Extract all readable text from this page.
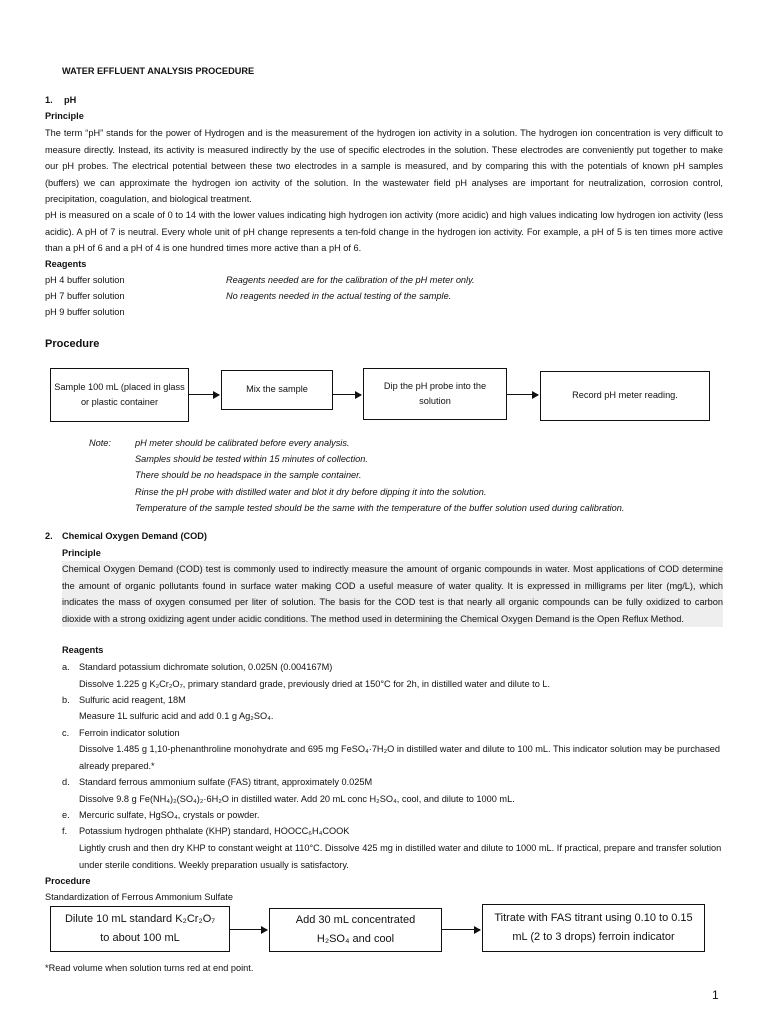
WATER EFFLUENT ANALYSIS PROCEDURE
1. pH
Principle
The term “pH” stands for the power of Hydrogen and is the measurement of the hydrogen ion activity in a solution. The hydrogen ion concentration is very difficult to measure directly. Instead, its activity is measured indirectly by the use of specific electrodes in the solution. These electrodes are conveniently put together to make our pH probes. The electrical potential between these two electrodes in a sample is measured, and by comparing this with the potentials of known pH samples (buffers) we can approximate the hydrogen ion activity of the solution. In the wastewater field pH analyses are important for neutralization, corrosion control, precipitation, coagulation, and biological treatment.
pH is measured on a scale of 0 to 14 with the lower values indicating high hydrogen ion activity (more acidic) and high values indicating low hydrogen ion activity (less acidic). A pH of 7 is neutral. Every whole unit of pH change represents a ten-fold change in the hydrogen ion activity. For example, a pH of 5 is ten times more active than a pH of 6 and a pH of 4 is one hundred times more active than a pH of 6.
Reagents
pH 4 buffer solution	Reagents needed are for the calibration of the pH meter only.
pH 7 buffer solution	No reagents needed in the actual testing of the sample.
pH 9 buffer solution
Procedure
Sample 100 mL (placed in glass or plastic container
Mix the sample	Dip the pH probe into the solution
Record pH meter reading.
Note:	pH meter should be calibrated before every analysis.
Samples should be tested within 15 minutes of collection.
There should be no headspace in the sample container.
Rinse the pH probe with distilled water and blot it dry before dipping it into the solution.
Temperature of the sample tested should be the same with the temperature of the buffer solution used during calibration.
2. Chemical Oxygen Demand (COD)
Principle
Chemical Oxygen Demand (COD) test is commonly used to indirectly measure the amount of organic compounds in water. Most applications of COD determine the amount of organic pollutants found in surface water making COD a useful measure of water quality. It is expressed in milligrams per liter (mg/L), which indicates the mass of oxygen consumed per liter of solution. The basis for the COD test is that nearly all organic compounds can be fully oxidized to carbon dioxide with a strong oxidizing agent under acidic conditions. The method used in determining the Chemical Oxygen Demand is the Open Reflux Method.
Reagents
a. Standard potassium dichromate solution, 0.025N (0.004167M)
Dissolve 1.225 g K₂Cr₂O₇, primary standard grade, previously dried at 150°C for 2h, in distilled water and dilute to L.
b. Sulfuric acid reagent, 18M
Measure 1L sulfuric acid and add 0.1 g Ag₂SO₄.
c. Ferroin indicator solution
Dissolve 1.485 g 1,10-phenanthroline monohydrate and 695 mg FeSO₄·7H₂O in distilled water and dilute to 100 mL. This indicator solution may be purchased already prepared.*
d. Standard ferrous ammonium sulfate (FAS) titrant, approximately 0.025M
Dissolve 9.8 g Fe(NH₄)₂(SO₄)₂·6H₂O in distilled water. Add 20 mL conc H₂SO₄, cool, and dilute to 1000 mL.
e. Mercuric sulfate, HgSO₄, crystals or powder.
f. Potassium hydrogen phthalate (KHP) standard, HOOCC₆H₄COOK
Lightly crush and then dry KHP to constant weight at 110°C. Dissolve 425 mg in distilled water and dilute to 1000 mL. If practical, prepare and transfer solution under sterile conditions. Weekly preparation usually is satisfactory.
Procedure
Standardization of Ferrous Ammonium Sulfate
Dilute 10 mL standard K₂Cr₂O₇ to about 100 mL
Add 30 mL concentrated H₂SO₄ and cool
Titrate with FAS titrant using 0.10 to 0.15 mL (2 to 3 drops) ferroin indicator
*Read volume when solution turns red at end point.
1
